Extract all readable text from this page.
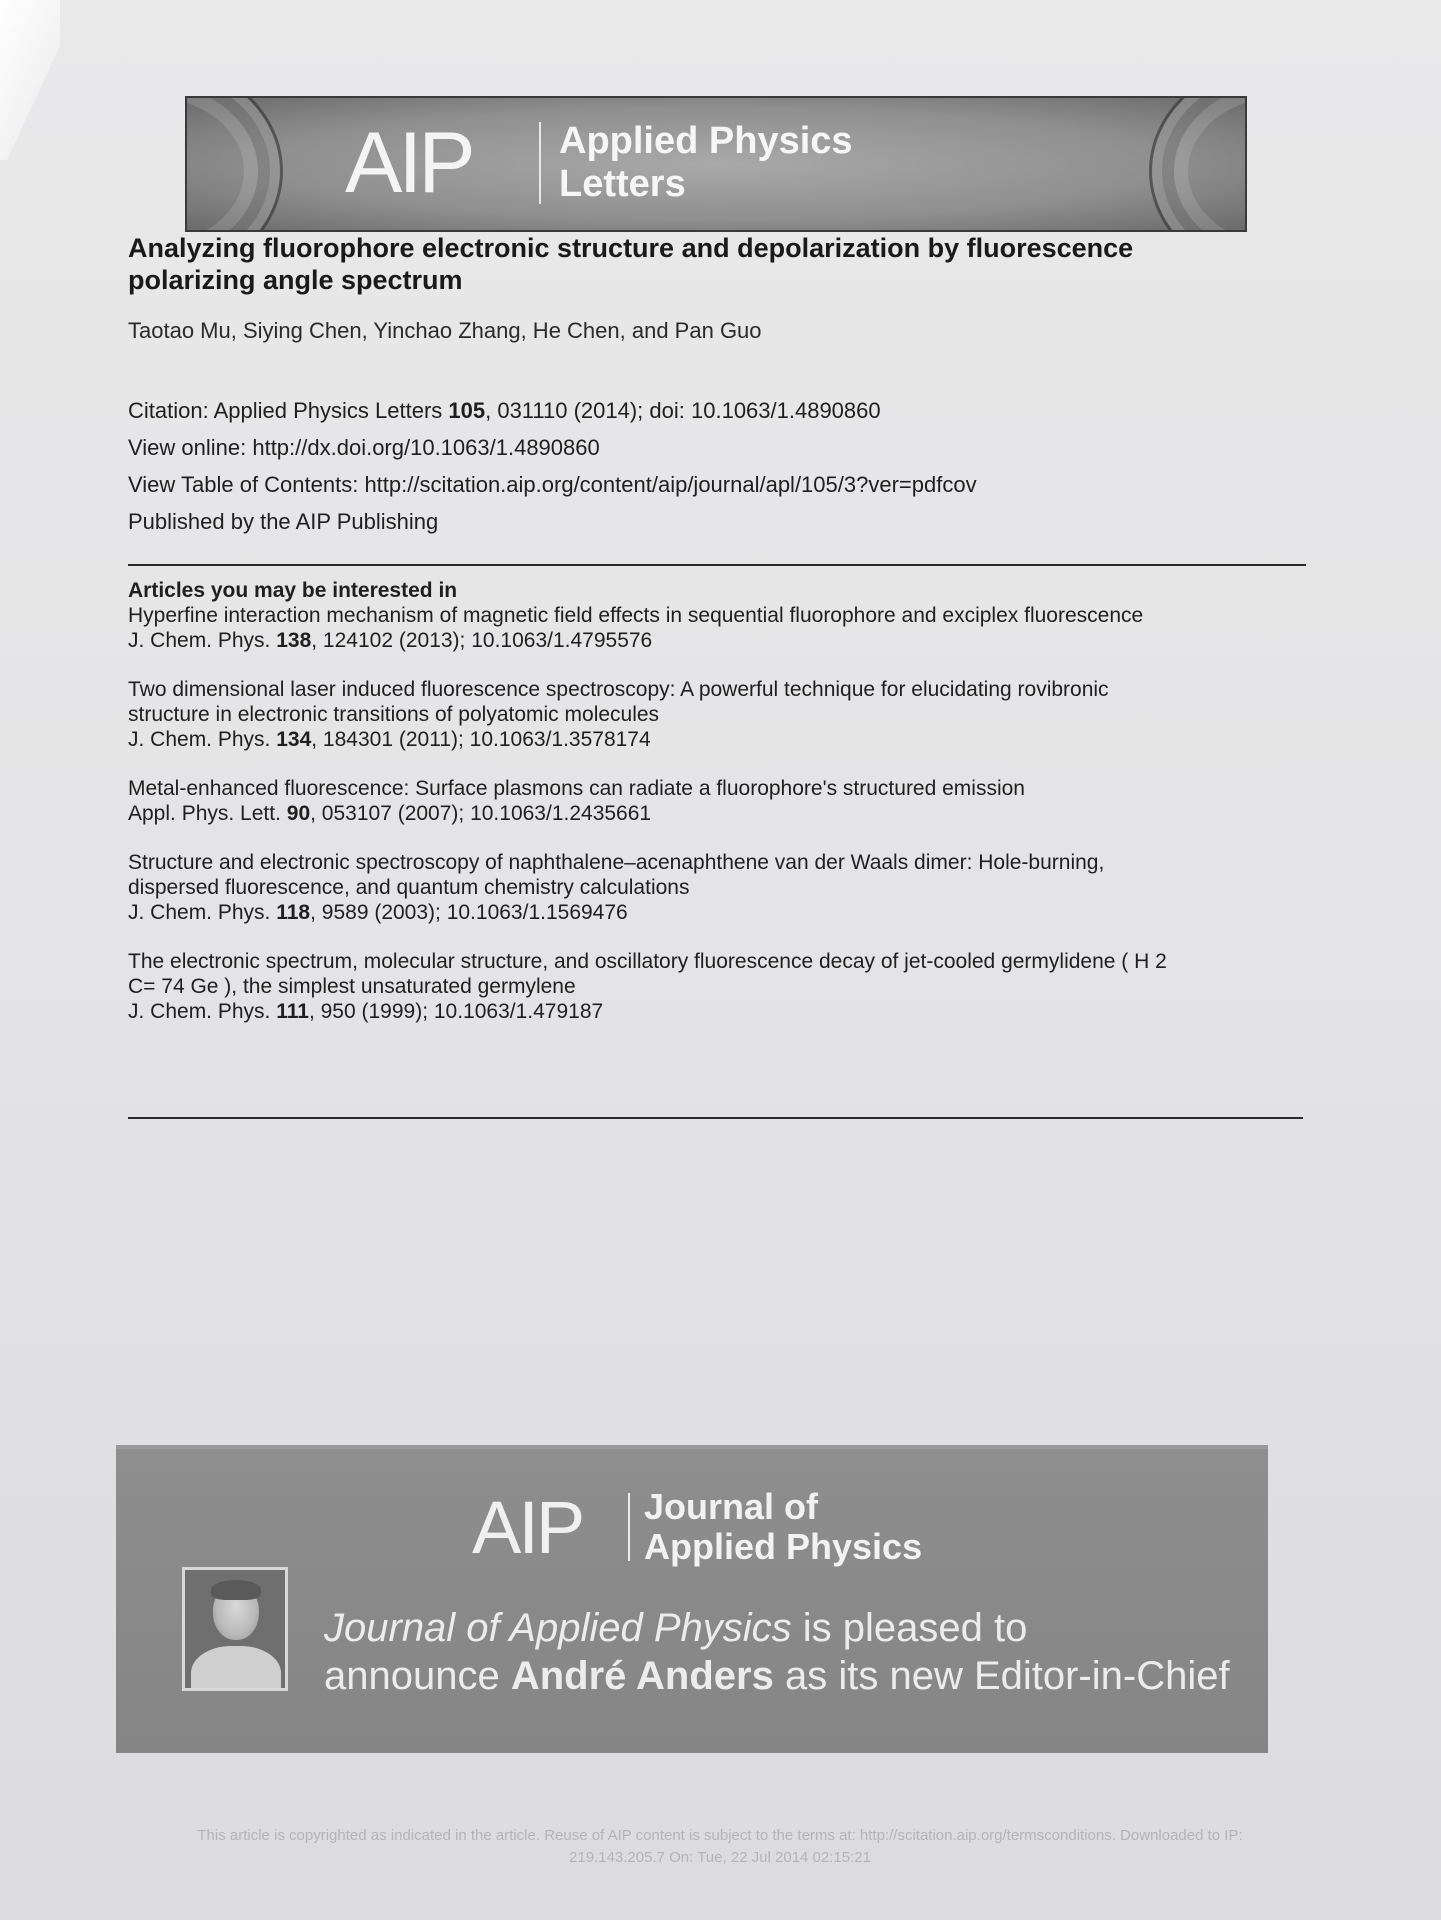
AIP Applied Physics
Letters
Analyzing fluorophore electronic structure and depolarization by fluorescence polarizing angle spectrum
Taotao Mu, Siying Chen, Yinchao Zhang, He Chen, and Pan Guo
Citation: Applied Physics Letters 105, 031110 (2014); doi: 10.1063/1.4890860
View online: http://dx.doi.org/10.1063/1.4890860
View Table of Contents: http://scitation.aip.org/content/aip/journal/apl/105/3?ver=pdfcov
Published by the AIP Publishing
Articles you may be interested in
Hyperfine interaction mechanism of magnetic field effects in sequential fluorophore and exciplex fluorescence
J. Chem. Phys. 138, 124102 (2013); 10.1063/1.4795576
Two dimensional laser induced fluorescence spectroscopy: A powerful technique for elucidating rovibronic
structure in electronic transitions of polyatomic molecules
J. Chem. Phys. 134, 184301 (2011); 10.1063/1.3578174
Metal-enhanced fluorescence: Surface plasmons can radiate a fluorophore's structured emission
Appl. Phys. Lett. 90, 053107 (2007); 10.1063/1.2435661
Structure and electronic spectroscopy of naphthalene–acenaphthene van der Waals dimer: Hole-burning,
dispersed fluorescence, and quantum chemistry calculations
J. Chem. Phys. 118, 9589 (2003); 10.1063/1.1569476
The electronic spectrum, molecular structure, and oscillatory fluorescence decay of jet-cooled germylidene ( H 2
C= 74 Ge ), the simplest unsaturated germylene
J. Chem. Phys. 111, 950 (1999); 10.1063/1.479187
AIP Journal of
Applied Physics
Journal of Applied Physics is pleased to
announce André Anders as its new Editor-in-Chief
This article is copyrighted as indicated in the article. Reuse of AIP content is subject to the terms at: http://scitation.aip.org/termsconditions. Downloaded to IP:
219.143.205.7 On: Tue, 22 Jul 2014 02:15:21
